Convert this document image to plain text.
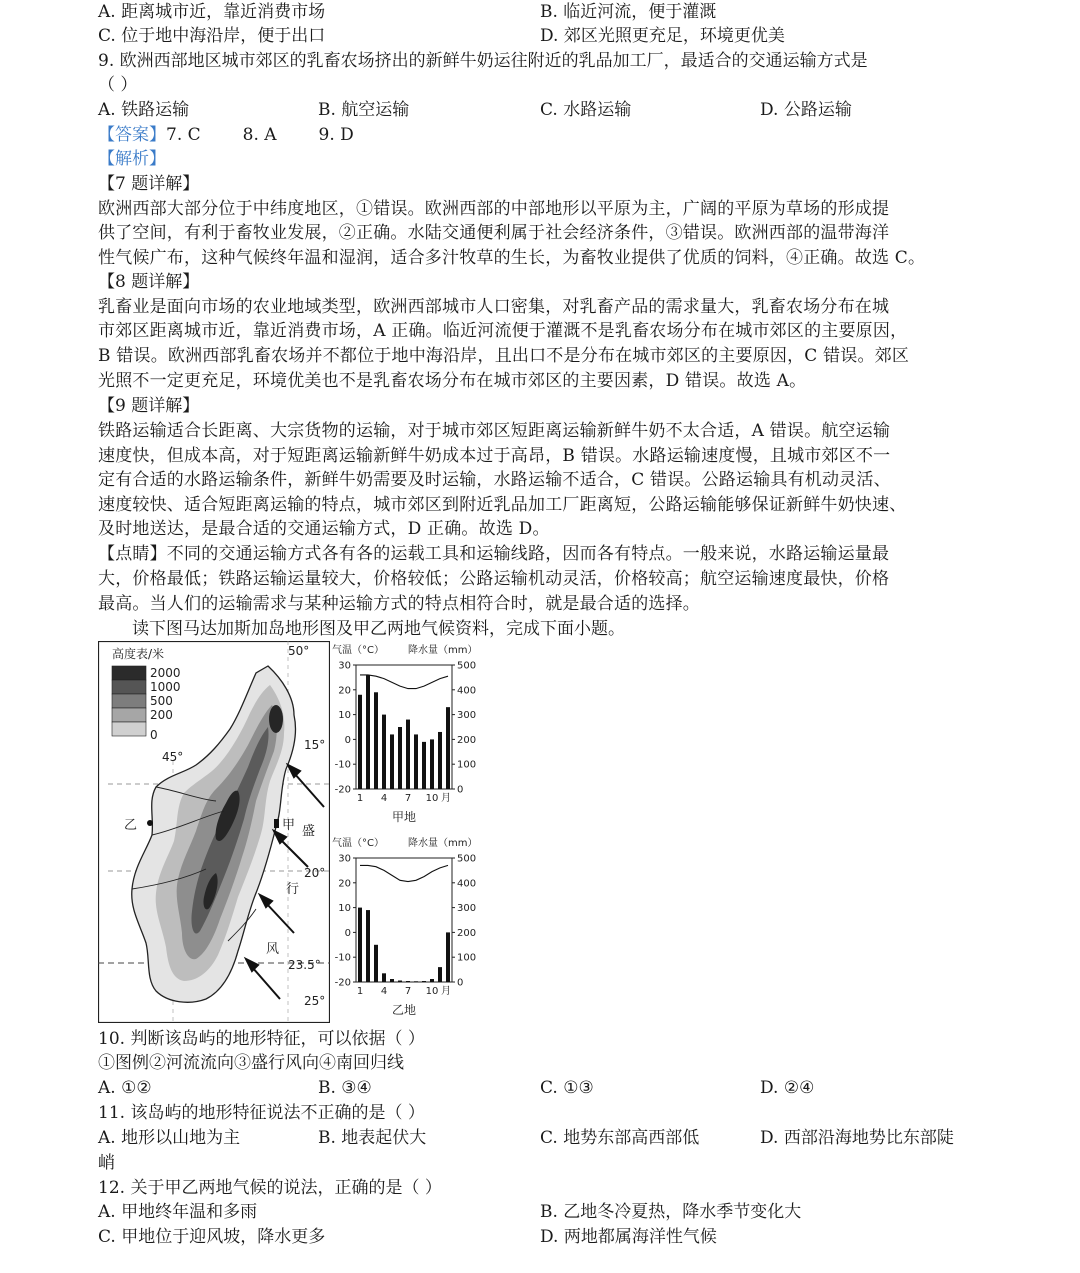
A. 距离城市近，靠近消费市场	B. 临近河流，便于灌溉
C. 位于地中海沿岸，便于出口	D. 郊区光照更充足，环境更优美
9. 欧洲西部地区城市郊区的乳畜农场挤出的新鲜牛奶运往附近的乳品加工厂，最适合的交通运输方式是
（ ）
A. 铁路运输	B. 航空运输	C. 水路运输	D. 公路运输
【答案】7. C 8. A 9. D
【解析】
【7 题详解】
欧洲西部大部分位于中纬度地区，①错误。欧洲西部的中部地形以平原为主，广阔的平原为草场的形成提
供了空间，有利于畜牧业发展，②正确。水陆交通便利属于社会经济条件，③错误。欧洲西部的温带海洋
性气候广布，这种气候终年温和湿润，适合多汁牧草的生长，为畜牧业提供了优质的饲料，④正确。故选 C。
【8 题详解】
乳畜业是面向市场的农业地域类型，欧洲西部城市人口密集，对乳畜产品的需求量大，乳畜农场分布在城
市郊区距离城市近，靠近消费市场，A 正确。临近河流便于灌溉不是乳畜农场分布在城市郊区的主要原因，
B 错误。欧洲西部乳畜农场并不都位于地中海沿岸，且出口不是分布在城市郊区的主要原因，C 错误。郊区
光照不一定更充足，环境优美也不是乳畜农场分布在城市郊区的主要因素，D 错误。故选 A。
【9 题详解】
铁路运输适合长距离、大宗货物的运输，对于城市郊区短距离运输新鲜牛奶不太合适，A 错误。航空运输
速度快，但成本高，对于短距离运输新鲜牛奶成本过于高昂，B 错误。水路运输速度慢，且城市郊区不一
定有合适的水路运输条件，新鲜牛奶需要及时运输，水路运输不适合，C 错误。公路运输具有机动灵活、
速度较快、适合短距离运输的特点，城市郊区到附近乳品加工厂距离短，公路运输能够保证新鲜牛奶快速、
及时地送达，是最合适的交通运输方式，D 正确。故选 D。
【点睛】不同的交通运输方式各有各的运载工具和运输线路，因而各有特点。一般来说，水路运输运量最
大，价格最低；铁路运输运量较大，价格较低；公路运输机动灵活，价格较高；航空运输速度最快，价格
最高。当人们的运输需求与某种运输方式的特点相符合时，就是最合适的选择。
读下图马达加斯加岛地形图及甲乙两地气候资料，完成下面小题。
高度表/米
2000
1000
500
200
0
50°
45°
15°
20°
23.5°
25°
乙	甲 盛
行
风
气温（°C） 降水量（mm）
30
20
10
0
-10
-20
500
400
300
200
100
0
1 4 7 10 月
甲地
气温（°C） 降水量（mm）
30
20
10
0
-10
-20
500
400
300
200
100
0
1 4 7 10 月
乙地
10. 判断该岛屿的地形特征，可以依据（ ）
①图例②河流流向③盛行风向④南回归线
A. ①②	B. ③④	C. ①③	D. ②④
11. 该岛屿的地形特征说法不正确的是（ ）
A. 地形以山地为主	B. 地表起伏大	C. 地势东部高西部低	D. 西部沿海地势比东部陡
峭
12. 关于甲乙两地气候的说法，正确的是（ ）
A. 甲地终年温和多雨	B. 乙地冬冷夏热，降水季节变化大
C. 甲地位于迎风坡，降水更多	D. 两地都属海洋性气候
